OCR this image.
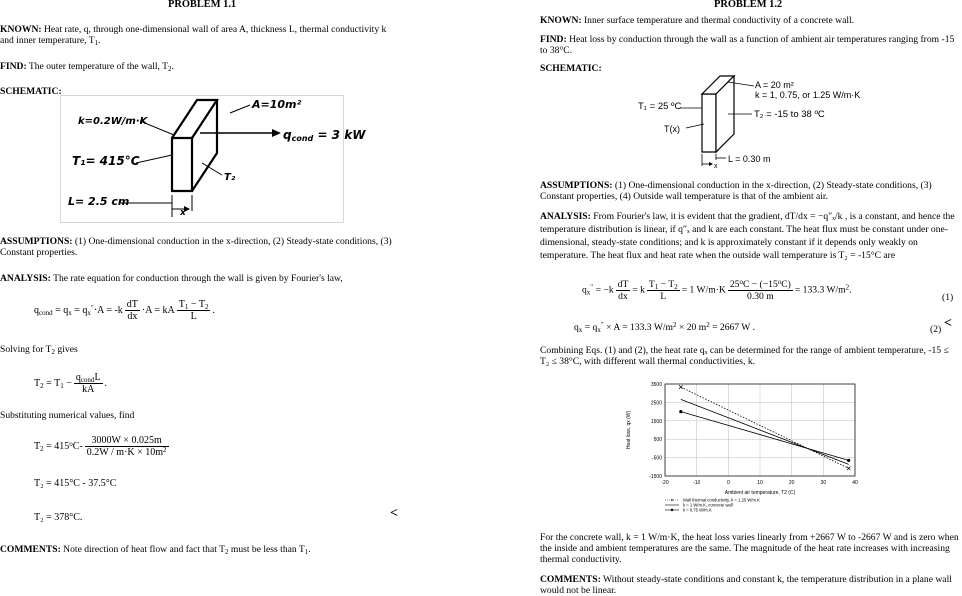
PROBLEM 1.1
KNOWN: Heat rate, q, through one-dimensional wall of area A, thickness L, thermal conductivity k and inner temperature, $T_1$.
FIND: The outer temperature of the wall, $T_2$.
SCHEMATIC:
k=0.2W/m·K
A=10m²
$q_{cond} = 3$ kW
T₁= 415°C
T₂
L= 2.5 cm
x
ASSUMPTIONS: (1) One-dimensional conduction in the x-direction, (2) Steady-state conditions, (3) Constant properties.
ANALYSIS: The rate equation for conduction through the wall is given by Fourier's law,
$q_{cond} = q_x = q_x''\cdot A = -k \frac{dT}{dx} \cdot A$ = kA $\frac{T_1 - T_2}{L}$ .
Solving for $T_2$ gives
$T_2 = T_1 - \frac{q_{cond}L}{kA}$ .
Substituting numerical values, find
$T_2 = 415^oC- \frac{3000W \times 0.025m}{0.2W / m\cdot K \times 10m^2}$
T₂ = 415°C - 37.5°C
T₂ = 378°C.	<
COMMENTS: Note direction of heat flow and fact that $T_2$ must be less than $T_1$.
PROBLEM 1.2
KNOWN: Inner surface temperature and thermal conductivity of a concrete wall.
FIND: Heat loss by conduction through the wall as a function of ambient air temperatures ranging from -15 to 38°C.
SCHEMATIC:
A = 20 m²
k = 1, 0.75, or 1.25 W/m·K
T₁ = 25 ºC
T₂ = -15 to 38 ºC
T(x)
L = 0.30 m
x
ASSUMPTIONS: (1) One-dimensional conduction in the x-direction, (2) Steady-state conditions, (3) Constant properties, (4) Outside wall temperature is that of the ambient air.
ANALYSIS: From Fourier's law, it is evident that the gradient, dT/dx = −q″ₓ/k , is a constant, and hence the temperature distribution is linear, if q″ₓ and k are each constant. The heat flux must be constant under one-dimensional, steady-state conditions; and k is approximately constant if it depends only weakly on temperature. The heat flux and heat rate when the outside wall temperature is T₂ = -15°C are
$q_x'' = -k \frac{dT}{dx} = k \frac{T_1 - T_2}{L} = 1$ $W/m\cdot K \frac{25^oC - (-15^oC)}{0.30 m} = 133.3$ $W/m^2$.
(1)
$q_x = q_x'' \times A = 133.3$ $W/m^2 \times 20$ $m^2 = 2667$ W .	(2) <
Combining Eqs. (1) and (2), the heat rate qₓ can be determined for the range of ambient temperature, -15 ≤ T₂ ≤ 38°C, with different wall thermal conductivities, k.
-20	-10	0	10	20	30	40
-1500
-500
500
1500
2500
3500
Ambient air temperature, T2 (C)
Heat loss, qx (W)
Wall thermal conductivity, k = 1.25 W/m.K
k = 1 W/m.K, concrete wall
k = 0.75 W/m.K
For the concrete wall, k = 1 W/m·K, the heat loss varies linearly from +2667 W to -2667 W and is zero when the inside and ambient temperatures are the same. The magnitude of the heat rate increases with increasing thermal conductivity.
COMMENTS: Without steady-state conditions and constant k, the temperature distribution in a plane wall would not be linear.
